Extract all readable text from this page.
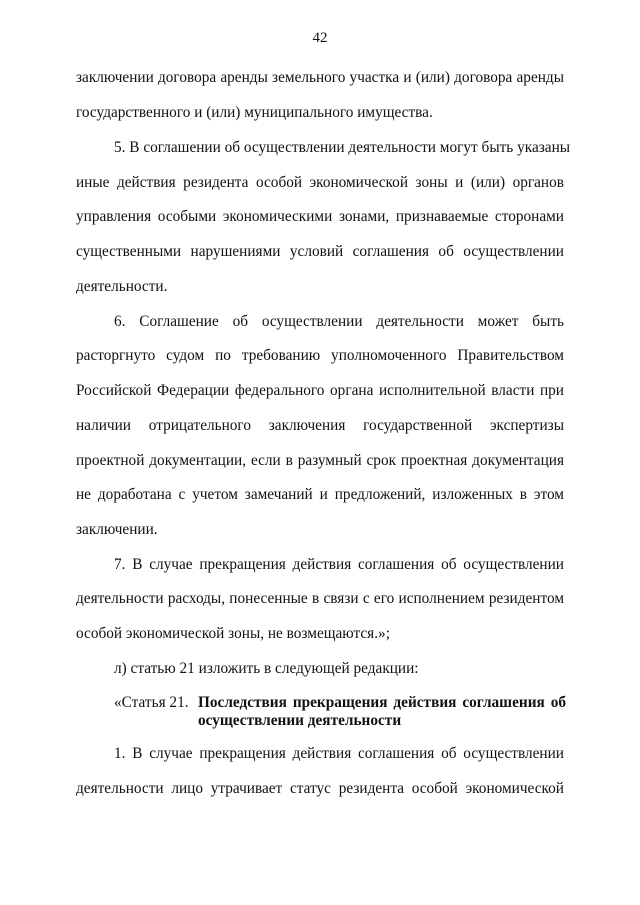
42
заключении договора аренды земельного участка и (или) договора аренды
государственного и (или) муниципального имущества.
5. В соглашении об осуществлении деятельности могут быть указаны
иные действия резидента особой экономической зоны и (или) органов
управления особыми экономическими зонами, признаваемые сторонами
существенными нарушениями условий соглашения об осуществлении
деятельности.
6. Соглашение об осуществлении деятельности может быть
расторгнуто судом по требованию уполномоченного Правительством
Российской Федерации федерального органа исполнительной власти при
наличии отрицательного заключения государственной экспертизы
проектной документации, если в разумный срок проектная документация
не доработана с учетом замечаний и предложений, изложенных в этом
заключении.
7. В случае прекращения действия соглашения об осуществлении
деятельности расходы, понесенные в связи с его исполнением резидентом
особой экономической зоны, не возмещаются.»;
л) статью 21 изложить в следующей редакции:
«Статья 21. Последствия прекращения действия соглашения об
осуществлении деятельности
1. В случае прекращения действия соглашения об осуществлении
деятельности лицо утрачивает статус резидента особой экономической
